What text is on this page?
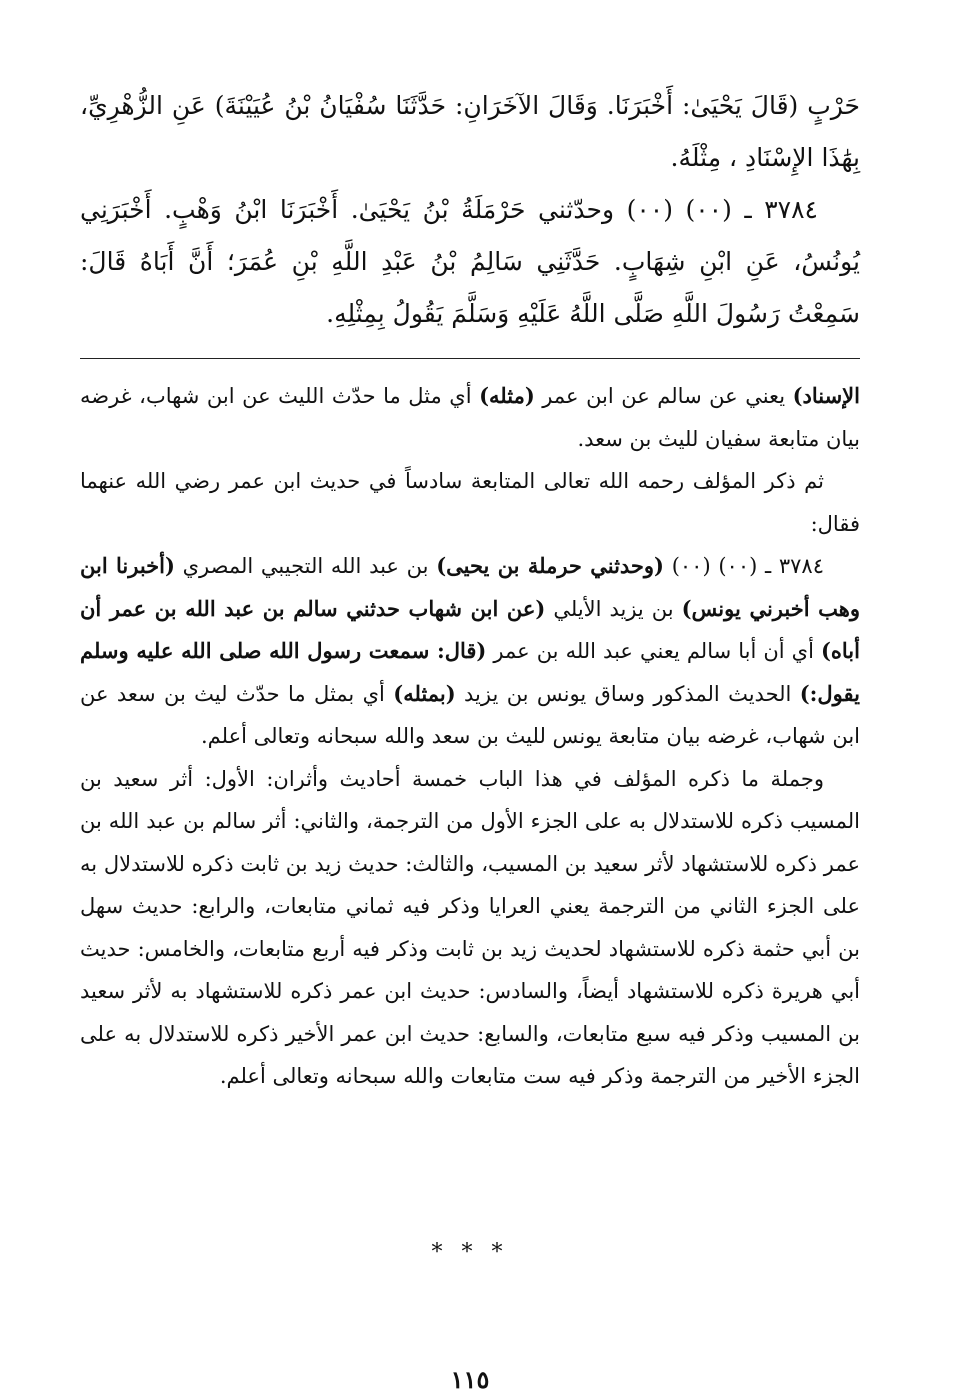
حَرْبٍ (قَالَ يَحْيَىٰ: أَخْبَرَنَا. وَقَالَ الآخَرَانِ: حَدَّثَنَا سُفْيَانُ بْنُ عُيَيْنَةَ) عَنِ الزُّهْرِيِّ، بِهَٰذَا الإِسْنَادِ ، مِثْلَهُ.

٣٧٨٤ ـ (٠٠) (٠٠) وحدّثني حَرْمَلَةُ بْنُ يَحْيَىٰ. أَخْبَرَنَا ابْنُ وَهْبٍ. أَخْبَرَنِي يُونُسُ، عَنِ ابْنِ شِهَابٍ. حَدَّثَنِي سَالِمُ بْنُ عَبْدِ اللَّهِ بْنِ عُمَرَ؛ أَنَّ أَبَاهُ قَالَ: سَمِعْتُ رَسُولَ اللَّهِ صَلَّى اللَّهُ عَلَيْهِ وَسَلَّمَ يَقُولُ بِمِثْلِهِ.

الإسناد) يعني عن سالم عن ابن عمر (مثله) أي مثل ما حدّث الليث عن ابن شهاب، غرضه بيان متابعة سفيان لليث بن سعد.

ثم ذكر المؤلف رحمه الله تعالى المتابعة سادساً في حديث ابن عمر رضي الله عنهما فقال:

٣٧٨٤ ـ (٠٠) (٠٠) (وحدثني حرملة بن يحيى) بن عبد الله التجيبي المصري (أخبرنا ابن وهب أخبرني يونس) بن يزيد الأيلي (عن ابن شهاب حدثني سالم بن عبد الله بن عمر أن أباه) أي أن أبا سالم يعني عبد الله بن عمر (قال: سمعت رسول الله صلى الله عليه وسلم يقول:) الحديث المذكور وساق يونس بن يزيد (بمثله) أي بمثل ما حدّث ليث بن سعد عن ابن شهاب، غرضه بيان متابعة يونس لليث بن سعد والله سبحانه وتعالى أعلم.

وجملة ما ذكره المؤلف في هذا الباب خمسة أحاديث وأثران: الأول: أثر سعيد بن المسيب ذكره للاستدلال به على الجزء الأول من الترجمة، والثاني: أثر سالم بن عبد الله بن عمر ذكره للاستشهاد لأثر سعيد بن المسيب، والثالث: حديث زيد بن ثابت ذكره للاستدلال به على الجزء الثاني من الترجمة يعني العرايا وذكر فيه ثماني متابعات، والرابع: حديث سهل بن أبي حثمة ذكره للاستشهاد لحديث زيد بن ثابت وذكر فيه أربع متابعات، والخامس: حديث أبي هريرة ذكره للاستشهاد أيضاً، والسادس: حديث ابن عمر ذكره للاستشهاد به لأثر سعيد بن المسيب وذكر فيه سبع متابعات، والسابع: حديث ابن عمر الأخير ذكره للاستدلال به على الجزء الأخير من الترجمة وذكر فيه ست متابعات والله سبحانه وتعالى أعلم.

* * *
١١٥
